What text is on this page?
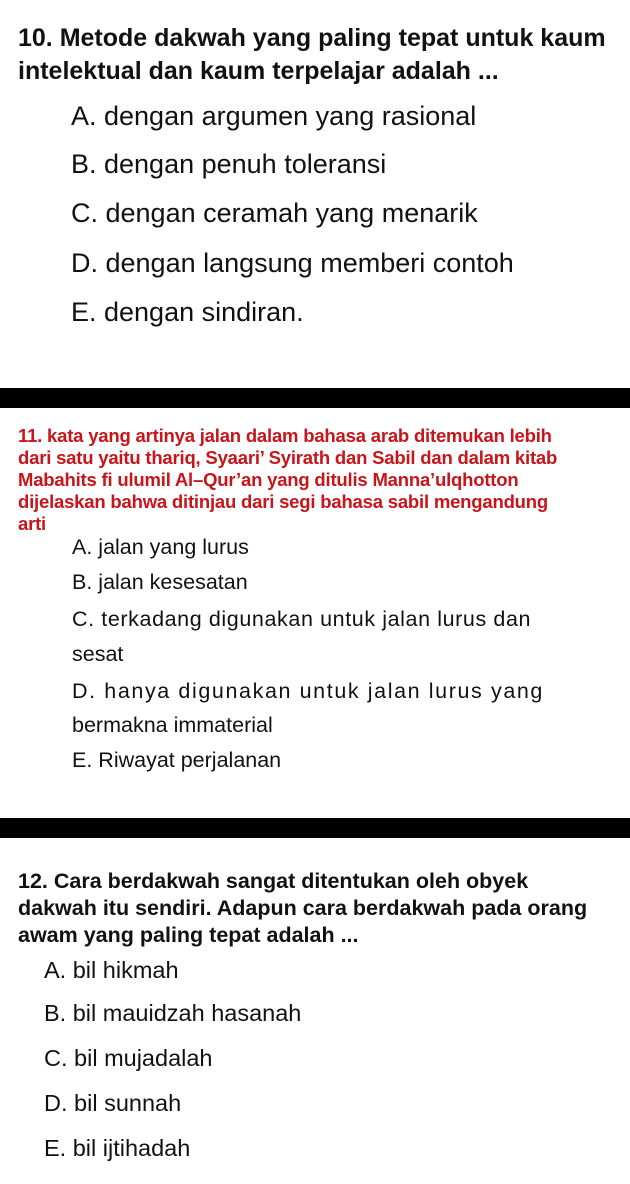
10. Metode dakwah yang paling tepat untuk kaum
intelektual dan kaum terpelajar adalah ...
A. dengan argumen yang rasional
B. dengan penuh toleransi
C. dengan ceramah yang menarik
D. dengan langsung memberi contoh
E. dengan sindiran.
11. kata yang artinya jalan dalam bahasa arab ditemukan lebih
dari satu yaitu thariq, Syaari’ Syirath dan Sabil dan dalam kitab
Mabahits fi ulumil Al–Qur’an yang ditulis Manna’ulqhotton
dijelaskan bahwa ditinjau dari segi bahasa sabil mengandung
arti
A. jalan yang lurus
B. jalan kesesatan
C. terkadang digunakan untuk jalan lurus dan
sesat
D. hanya digunakan untuk jalan lurus yang
bermakna immaterial
E. Riwayat perjalanan
12. Cara berdakwah sangat ditentukan oleh obyek
dakwah itu sendiri. Adapun cara berdakwah pada orang
awam yang paling tepat adalah ...
A. bil hikmah
B. bil mauidzah hasanah
C. bil mujadalah
D. bil sunnah
E. bil ijtihadah
